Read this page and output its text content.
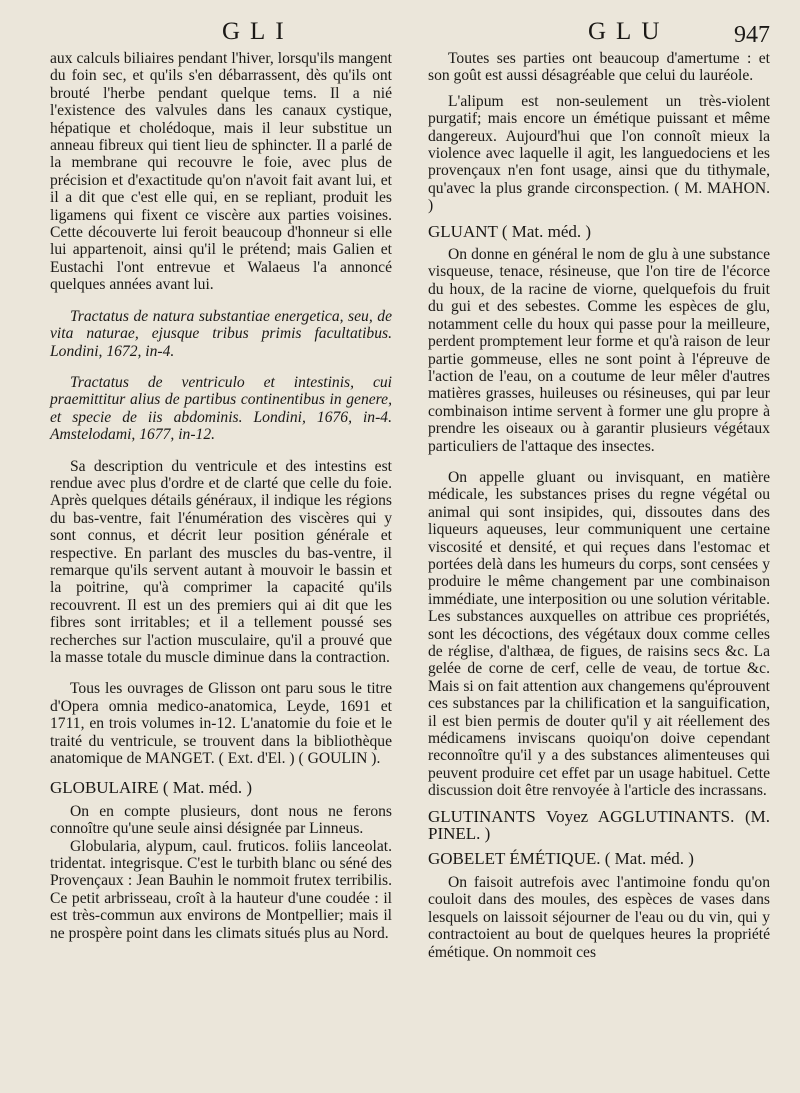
GLI	GLU	947

aux calculs biliaires pendant l'hiver, lorsqu'ils mangent du foin sec, et qu'ils s'en débarrassent, dès qu'ils ont brouté l'herbe pendant quelque tems. Il a nié l'existence des valvules dans les canaux cystique, hépatique et cholédoque, mais il leur substitue un anneau fibreux qui tient lieu de sphincter. Il a parlé de la membrane qui recouvre le foie, avec plus de précision et d'exactitude qu'on n'avoit fait avant lui, et il a dit que c'est elle qui, en se repliant, produit les ligamens qui fixent ce viscère aux parties voisines. Cette découverte lui feroit beaucoup d'honneur si elle lui appartenoit, ainsi qu'il le prétend; mais Galien et Eustachi l'ont entrevue et Walaeus l'a annoncé quelques années avant lui.

Tractatus de natura substantiae energetica, seu, de vita naturae, ejusque tribus primis facultatibus. Londini, 1672, in-4.

Tractatus de ventriculo et intestinis, cui praemittitur alius de partibus continentibus in genere, et specie de iis abdominis. Londini, 1676, in-4. Amstelodami, 1677, in-12.

Sa description du ventricule et des intestins est rendue avec plus d'ordre et de clarté que celle du foie. Après quelques détails généraux, il indique les régions du bas-ventre, fait l'énumération des viscères qui y sont connus, et décrit leur position générale et respective. En parlant des muscles du bas-ventre, il remarque qu'ils servent autant à mouvoir le bassin et la poitrine, qu'à comprimer la capacité qu'ils recouvrent. Il est un des premiers qui ai dit que les fibres sont irritables; et il a tellement poussé ses recherches sur l'action musculaire, qu'il a prouvé que la masse totale du muscle diminue dans la contraction.

Tous les ouvrages de Glisson ont paru sous le titre d'Opera omnia medico-anatomica, Leyde, 1691 et 1711, en trois volumes in-12. L'anatomie du foie et le traité du ventricule, se trouvent dans la bibliothèque anatomique de MANGET. ( Ext. d'El. ) ( GOULIN ).

GLOBULAIRE ( Mat. méd. )

On en compte plusieurs, dont nous ne ferons connoître qu'une seule ainsi désignée par Linneus.

Globularia, alypum, caul. fruticos. foliis lanceolat. tridentat. integrisque. C'est le turbith blanc ou séné des Provençaux : Jean Bauhin le nommoit frutex terribilis. Ce petit arbrisseau, croît à la hauteur d'une coudée : il est très-commun aux environs de Montpellier; mais il ne prospère point dans les climats situés plus au Nord.

Toutes ses parties ont beaucoup d'amertume : et son goût est aussi désagréable que celui du lauréole.

L'alipum est non-seulement un très-violent purgatif; mais encore un émétique puissant et même dangereux. Aujourd'hui que l'on connoît mieux la violence avec laquelle il agit, les languedociens et les provençaux n'en font usage, ainsi que du tithymale, qu'avec la plus grande circonspection. ( M. MAHON. )

GLUANT ( Mat. méd. )

On donne en général le nom de glu à une substance visqueuse, tenace, résineuse, que l'on tire de l'écorce du houx, de la racine de viorne, quelquefois du fruit du gui et des sebestes. Comme les espèces de glu, notamment celle du houx qui passe pour la meilleure, perdent promptement leur forme et qu'à raison de leur partie gommeuse, elles ne sont point à l'épreuve de l'action de l'eau, on a coutume de leur mêler d'autres matières grasses, huileuses ou résineuses, qui par leur combinaison intime servent à former une glu propre à prendre les oiseaux ou à garantir plusieurs végétaux particuliers de l'attaque des insectes.

On appelle gluant ou invisquant, en matière médicale, les substances prises du regne végétal ou animal qui sont insipides, qui, dissoutes dans des liqueurs aqueuses, leur communiquent une certaine viscosité et densité, et qui reçues dans l'estomac et portées delà dans les humeurs du corps, sont censées y produire le même changement par une combinaison immédiate, une interposition ou une solution véritable. Les substances auxquelles on attribue ces propriétés, sont les décoctions, des végétaux doux comme celles de réglise, d'althæa, de figues, de raisins secs &c. La gelée de corne de cerf, celle de veau, de tortue &c. Mais si on fait attention aux changemens qu'éprouvent ces substances par la chilification et la sanguification, il est bien permis de douter qu'il y ait réellement des médicamens inviscans quoiqu'on doive cependant reconnoître qu'il y a des substances alimenteuses qui peuvent produire cet effet par un usage habituel. Cette discussion doit être renvoyée à l'article des incrassans.

GLUTINANTS Voyez AGGLUTINANTS. (M. PINEL. )

GOBELET ÉMÉTIQUE. ( Mat. méd. )

On faisoit autrefois avec l'antimoine fondu qu'on couloit dans des moules, des espèces de vases dans lesquels on laissoit séjourner de l'eau ou du vin, qui y contractoient au bout de quelques heures la propriété émétique. On nommoit ces
